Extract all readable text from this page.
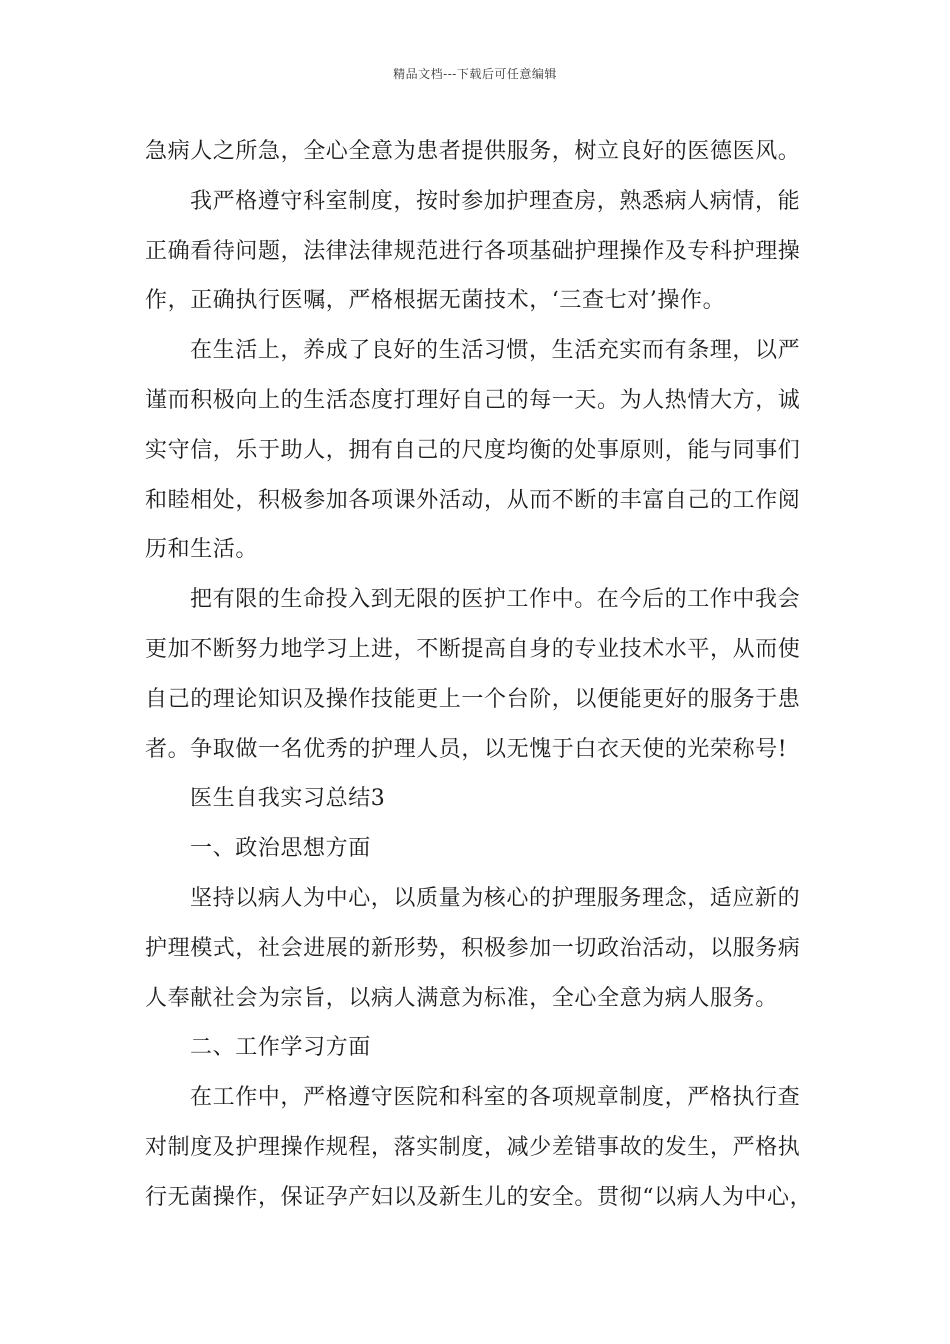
精品文档---下载后可任意编辑
急病人之所急，全心全意为患者提供服务，树立良好的医德医风。
我严格遵守科室制度，按时参加护理查房，熟悉病人病情，能
正确看待问题，法律法律规范进行各项基础护理操作及专科护理操
作，正确执行医嘱，严格根据无菌技术，‘三查七对’操作。
在生活上，养成了良好的生活习惯，生活充实而有条理，以严
谨而积极向上的生活态度打理好自己的每一天。为人热情大方，诚
实守信，乐于助人，拥有自己的尺度均衡的处事原则，能与同事们
和睦相处，积极参加各项课外活动，从而不断的丰富自己的工作阅
历和生活。
把有限的生命投入到无限的医护工作中。在今后的工作中我会
更加不断努力地学习上进，不断提高自身的专业技术水平，从而使
自己的理论知识及操作技能更上一个台阶，以便能更好的服务于患
者。争取做一名优秀的护理人员，以无愧于白衣天使的光荣称号!
医生自我实习总结3
一、政治思想方面
坚持以病人为中心，以质量为核心的护理服务理念，适应新的
护理模式，社会进展的新形势，积极参加一切政治活动，以服务病
人奉献社会为宗旨，以病人满意为标准，全心全意为病人服务。
二、工作学习方面
在工作中，严格遵守医院和科室的各项规章制度，严格执行查
对制度及护理操作规程，落实制度，减少差错事故的发生，严格执
行无菌操作，保证孕产妇以及新生儿的安全。贯彻“以病人为中心，
